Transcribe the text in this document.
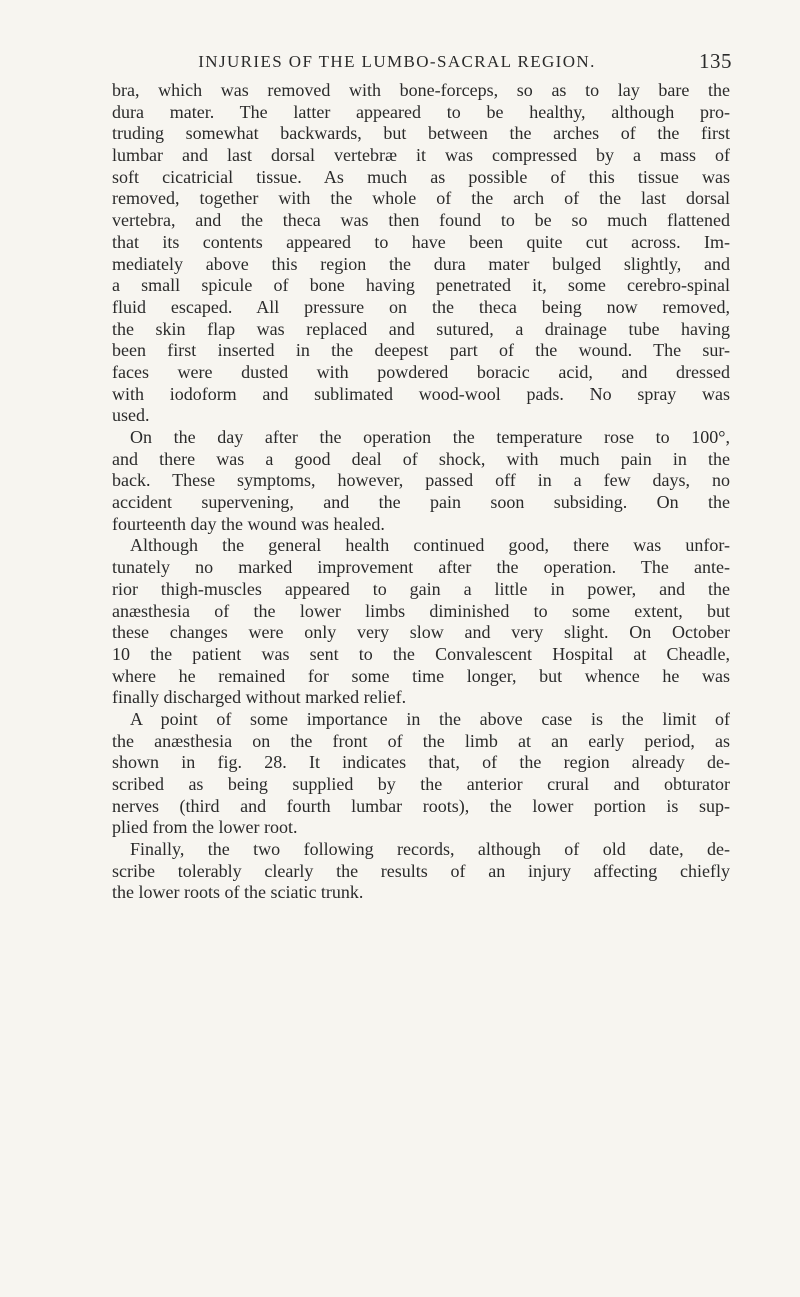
INJURIES OF THE LUMBO-SACRAL REGION.	135
bra, which was removed with bone-forceps, so as to lay bare the
dura mater. The latter appeared to be healthy, although pro-
truding somewhat backwards, but between the arches of the first
lumbar and last dorsal vertebræ it was compressed by a mass of
soft cicatricial tissue. As much as possible of this tissue was
removed, together with the whole of the arch of the last dorsal
vertebra, and the theca was then found to be so much flattened
that its contents appeared to have been quite cut across. Im-
mediately above this region the dura mater bulged slightly, and
a small spicule of bone having penetrated it, some cerebro-spinal
fluid escaped. All pressure on the theca being now removed,
the skin flap was replaced and sutured, a drainage tube having
been first inserted in the deepest part of the wound. The sur-
faces were dusted with powdered boracic acid, and dressed
with iodoform and sublimated wood-wool pads. No spray was
used.
On the day after the operation the temperature rose to 100°,
and there was a good deal of shock, with much pain in the
back. These symptoms, however, passed off in a few days, no
accident supervening, and the pain soon subsiding. On the
fourteenth day the wound was healed.
Although the general health continued good, there was unfor-
tunately no marked improvement after the operation. The ante-
rior thigh-muscles appeared to gain a little in power, and the
anæsthesia of the lower limbs diminished to some extent, but
these changes were only very slow and very slight. On October
10 the patient was sent to the Convalescent Hospital at Cheadle,
where he remained for some time longer, but whence he was
finally discharged without marked relief.
A point of some importance in the above case is the limit of
the anæsthesia on the front of the limb at an early period, as
shown in fig. 28. It indicates that, of the region already de-
scribed as being supplied by the anterior crural and obturator
nerves (third and fourth lumbar roots), the lower portion is sup-
plied from the lower root.
Finally, the two following records, although of old date, de-
scribe tolerably clearly the results of an injury affecting chiefly
the lower roots of the sciatic trunk.
